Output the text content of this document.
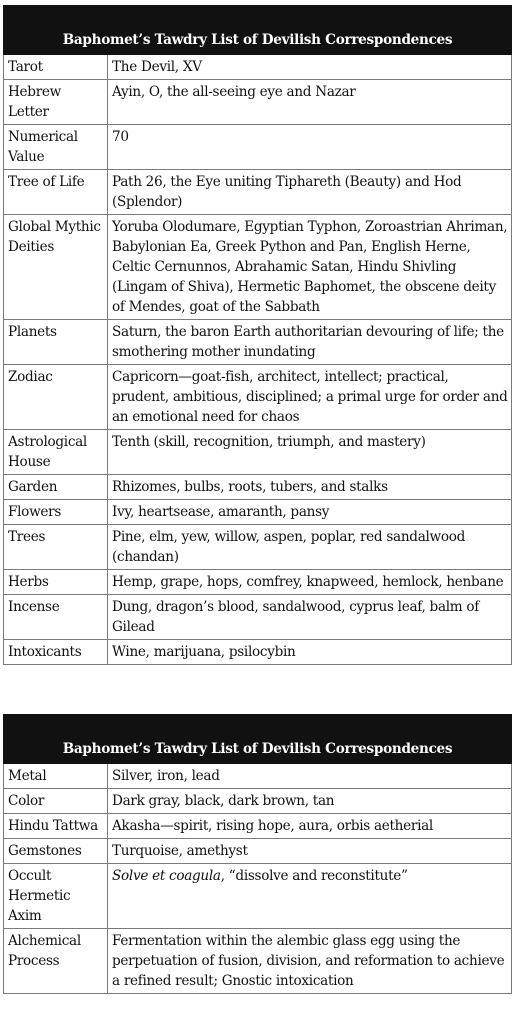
Baphomet’s Tawdry List of Devilish Correspondences	
Tarot	The Devil, XV
Hebrew Letter	Ayin, O, the all-seeing eye and Nazar
Numerical Value	70
Tree of Life	Path 26, the Eye uniting Tiphareth (Beauty) and Hod (Splendor)
Global Mythic Deities	Yoruba Olodumare, Egyptian Typhon, Zoroastrian Ahriman, Babylonian Ea, Greek Python and Pan, English Herne, Celtic Cernunnos, Abrahamic Satan, Hindu Shivling (Lingam of Shiva), Hermetic Baphomet, the obscene deity of Mendes, goat of the Sabbath
Planets	Saturn, the baron Earth authoritarian devouring of life; the smothering mother inundating
Zodiac	Capricorn—goat-fish, architect, intellect; practical, prudent, ambitious, disciplined; a primal urge for order and an emotional need for chaos
Astrological House	Tenth (skill, recognition, triumph, and mastery)
Garden	Rhizomes, bulbs, roots, tubers, and stalks
Flowers	Ivy, heartsease, amaranth, pansy
Trees	Pine, elm, yew, willow, aspen, poplar, red sandalwood (chandan)
Herbs	Hemp, grape, hops, comfrey, knapweed, hemlock, henbane
Incense	Dung, dragon’s blood, sandalwood, cyprus leaf, balm of Gilead
Intoxicants	Wine, marijuana, psilocybin
Baphomet’s Tawdry List of Devilish Correspondences	
Metal	Silver, iron, lead
Color	Dark gray, black, dark brown, tan
Hindu Tattwa	Akasha—spirit, rising hope, aura, orbis aetherial
Gemstones	Turquoise, amethyst
Occult Hermetic Axim	Solve et coagula, “dissolve and reconstitute”
Alchemical Process	Fermentation within the alembic glass egg using the perpetuation of fusion, division, and reformation to achieve a refined result; Gnostic intoxication
